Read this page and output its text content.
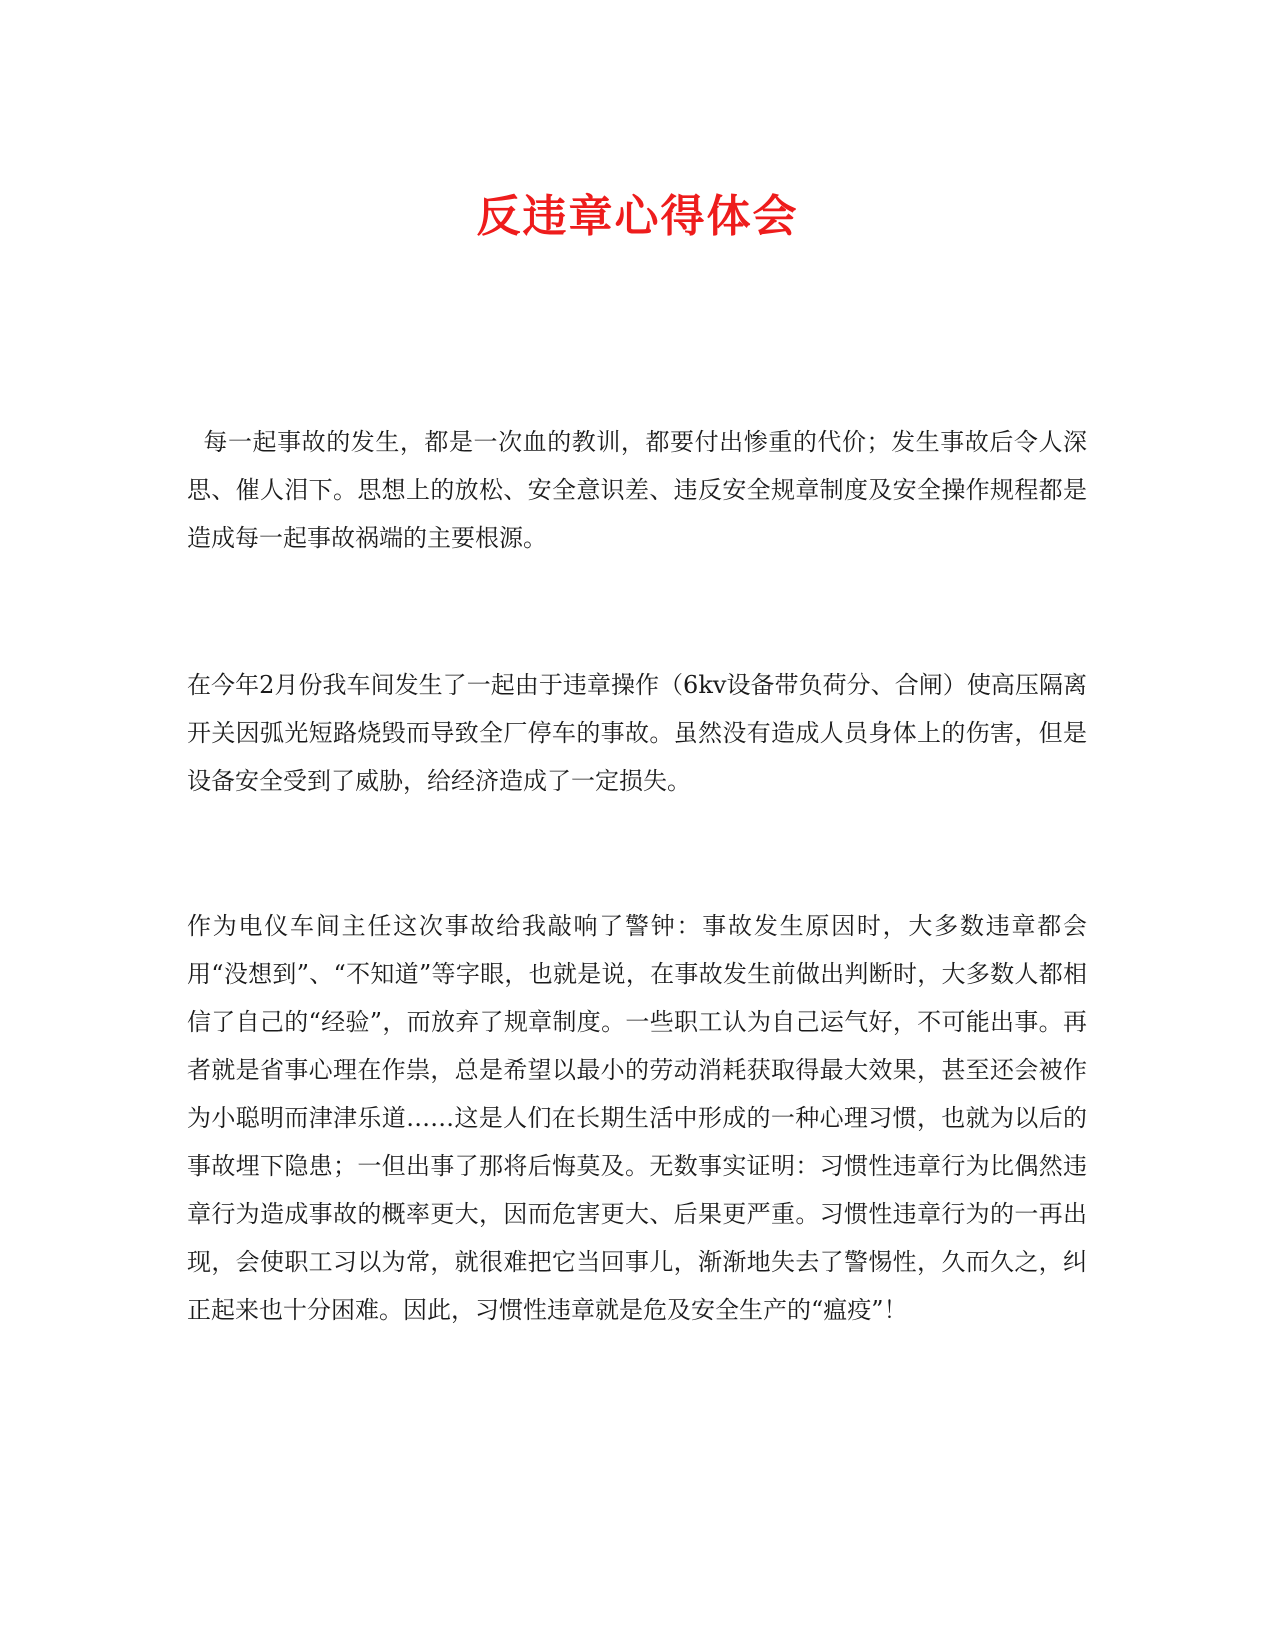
反违章心得体会

每一起事故的发生，都是一次血的教训，都要付出惨重的代价；发生事故后令人深思、催人泪下。思想上的放松、安全意识差、违反安全规章制度及安全操作规程都是造成每一起事故祸端的主要根源。

在今年2月份我车间发生了一起由于违章操作（6kv设备带负荷分、合闸）使高压隔离开关因弧光短路烧毁而导致全厂停车的事故。虽然没有造成人员身体上的伤害，但是设备安全受到了威胁，给经济造成了一定损失。

作为电仪车间主任这次事故给我敲响了警钟：事故发生原因时，大多数违章都会用“没想到”、“不知道”等字眼，也就是说，在事故发生前做出判断时，大多数人都相信了自己的“经验”，而放弃了规章制度。一些职工认为自己运气好，不可能出事。再者就是省事心理在作祟，总是希望以最小的劳动消耗获取得最大效果，甚至还会被作为小聪明而津津乐道……这是人们在长期生活中形成的一种心理习惯，也就为以后的事故埋下隐患；一但出事了那将后悔莫及。无数事实证明：习惯性违章行为比偶然违章行为造成事故的概率更大，因而危害更大、后果更严重。习惯性违章行为的一再出现，会使职工习以为常，就很难把它当回事儿，渐渐地失去了警惕性，久而久之，纠正起来也十分困难。因此，习惯性违章就是危及安全生产的“瘟疫”！
